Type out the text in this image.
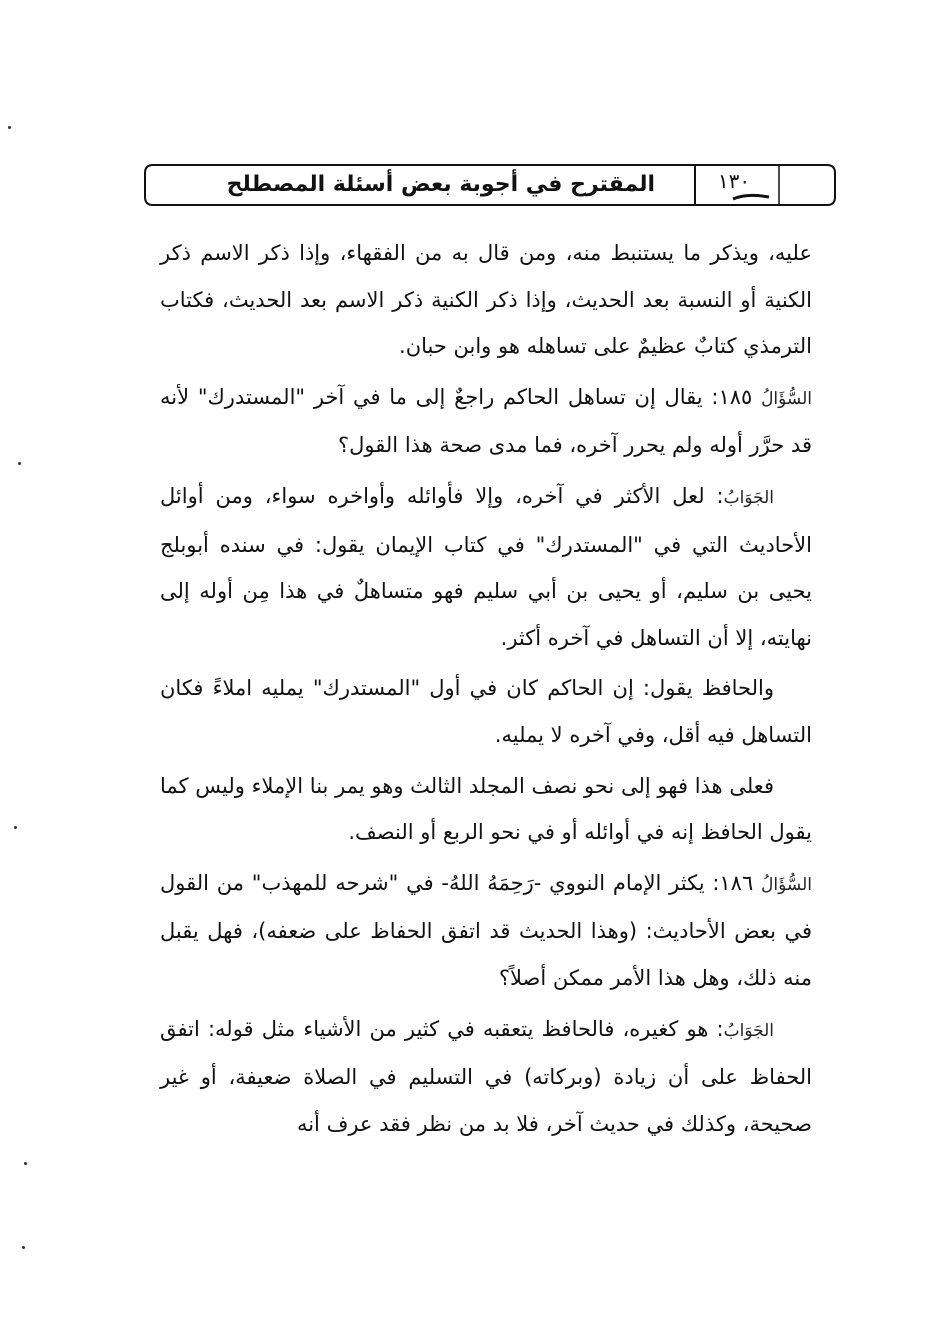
١٣٠
المقترح في أجوبة بعض أسئلة المصطلح

عليه، ويذكر ما يستنبط منه، ومن قال به من الفقهاء، وإذا ذكر الاسم ذكر الكنية أو النسبة بعد الحديث، وإذا ذكر الكنية ذكر الاسم بعد الحديث، فكتاب الترمذي كتابٌ عظيمٌ على تساهله هو وابن حبان.

السُّؤَالُ ١٨٥: يقال إن تساهل الحاكم راجعٌ إلى ما في آخر "المستدرك" لأنه قد حرَّر أوله ولم يحرر آخره، فما مدى صحة هذا القول؟

الجَوَابُ: لعل الأكثر في آخره، وإلا فأوائله وأواخره سواء، ومن أوائل الأحاديث التي في "المستدرك" في كتاب الإيمان يقول: في سنده أبوبلج يحيى بن سليم، أو يحيى بن أبي سليم فهو متساهلٌ في هذا مِن أوله إلى نهايته، إلا أن التساهل في آخره أكثر.

والحافظ يقول: إن الحاكم كان في أول "المستدرك" يمليه املاءً فكان التساهل فيه أقل، وفي آخره لا يمليه.

فعلى هذا فهو إلى نحو نصف المجلد الثالث وهو يمر بنا الإملاء وليس كما يقول الحافظ إنه في أوائله أو في نحو الربع أو النصف.

السُّؤَالُ ١٨٦: يكثر الإمام النووي -رَحِمَهُ اللهُ- في "شرحه للمهذب" من القول في بعض الأحاديث: (وهذا الحديث قد اتفق الحفاظ على ضعفه)، فهل يقبل منه ذلك، وهل هذا الأمر ممكن أصلاً؟

الجَوَابُ: هو كغيره، فالحافظ يتعقبه في كثير من الأشياء مثل قوله: اتفق الحفاظ على أن زيادة (وبركاته) في التسليم في الصلاة ضعيفة، أو غير صحيحة، وكذلك في حديث آخر، فلا بد من نظر فقد عرف أنه
